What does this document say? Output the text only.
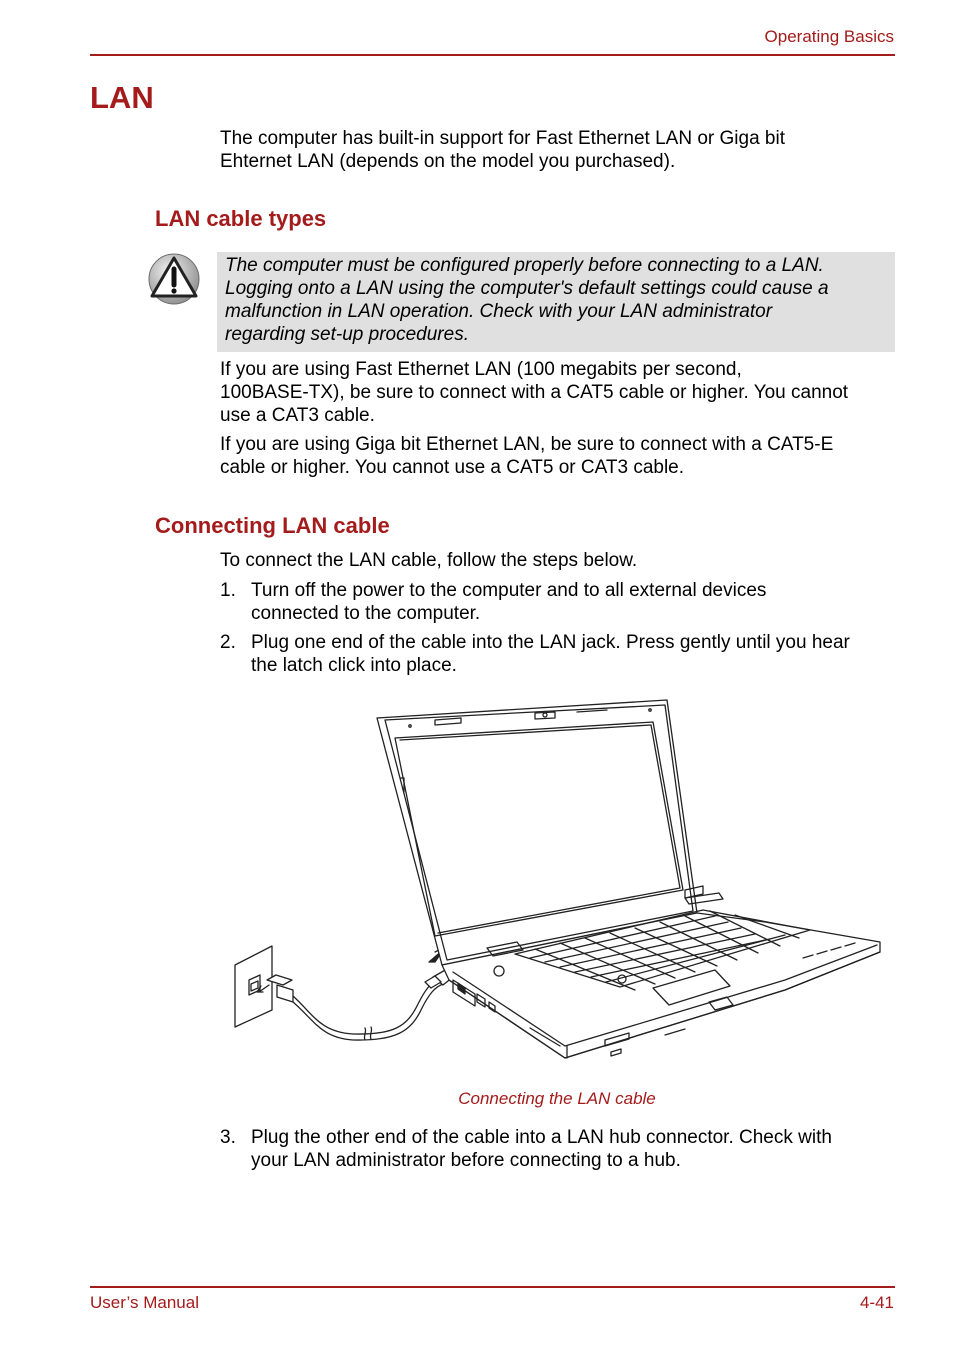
Operating Basics
LAN
The computer has built-in support for Fast Ethernet LAN or Giga bit
Ehternet LAN (depends on the model you purchased).
LAN cable types
The computer must be configured properly before connecting to a LAN.
Logging onto a LAN using the computer's default settings could cause a
malfunction in LAN operation. Check with your LAN administrator
regarding set-up procedures.
If you are using Fast Ethernet LAN (100 megabits per second,
100BASE-TX), be sure to connect with a CAT5 cable or higher. You cannot
use a CAT3 cable.
If you are using Giga bit Ethernet LAN, be sure to connect with a CAT5-E
cable or higher. You cannot use a CAT5 or CAT3 cable.
Connecting LAN cable
To connect the LAN cable, follow the steps below.
1. Turn off the power to the computer and to all external devices
connected to the computer.
2. Plug one end of the cable into the LAN jack. Press gently until you hear
the latch click into place.
Connecting the LAN cable
3. Plug the other end of the cable into a LAN hub connector. Check with
your LAN administrator before connecting to a hub.
User’s Manual	4-41
